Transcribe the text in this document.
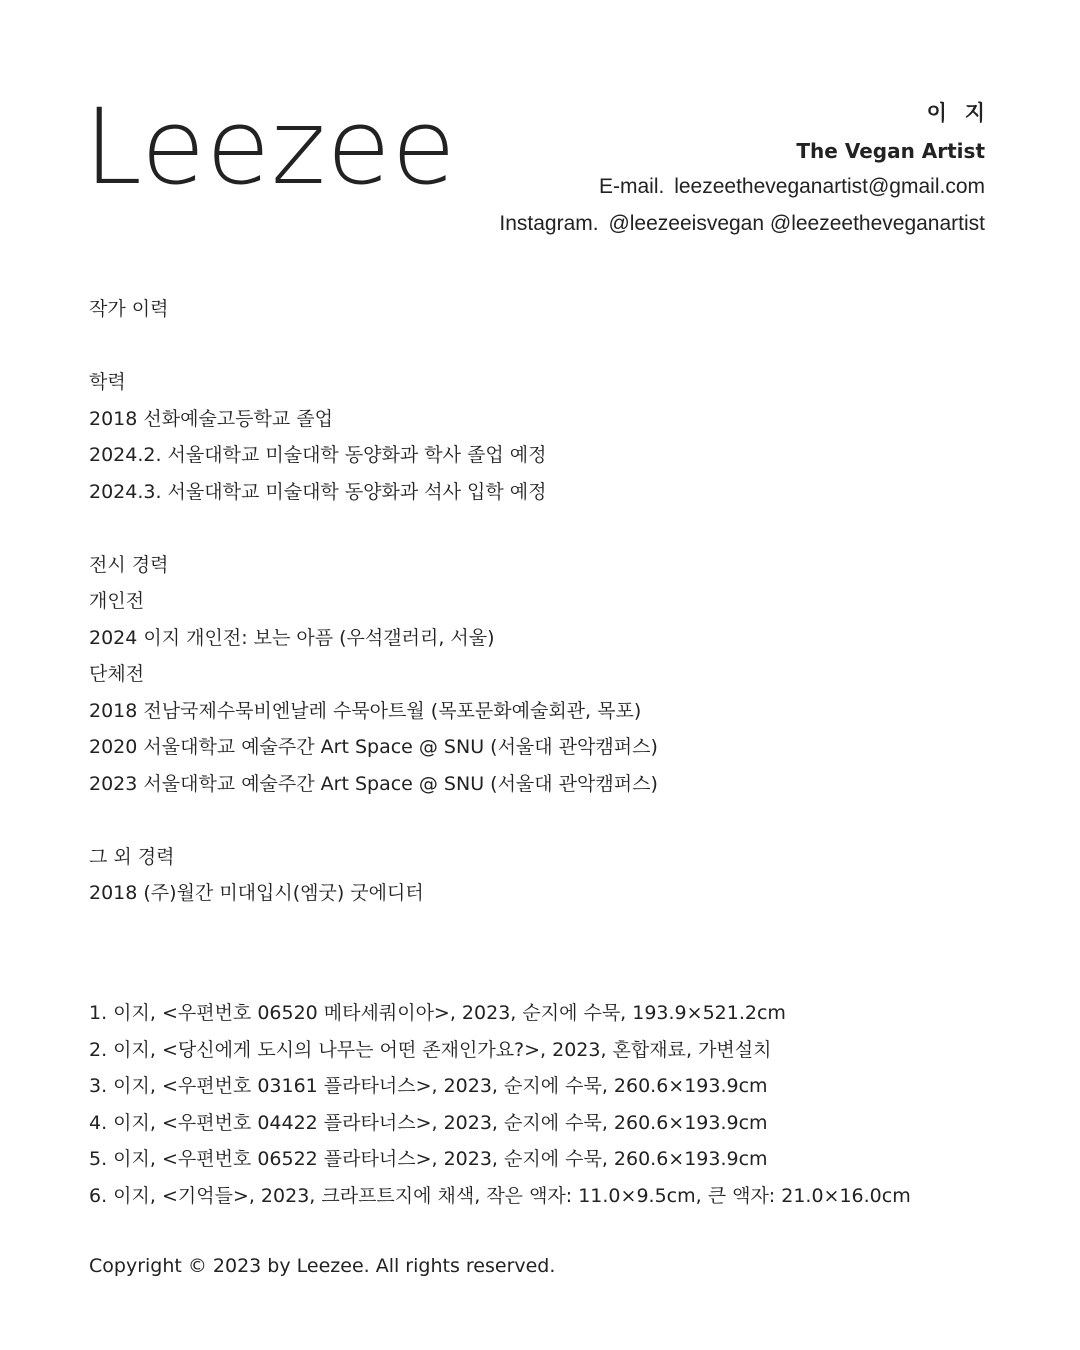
Leezee	이 지
The Vegan Artist
E-mail. leezeetheveganartist@gmail.com
Instagram. @leezeeisvegan @leezeetheveganartist
작가 이력
학력
2018 선화예술고등학교 졸업
2024.2. 서울대학교 미술대학 동양화과 학사 졸업 예정
2024.3. 서울대학교 미술대학 동양화과 석사 입학 예정
전시 경력
개인전
2024 이지 개인전: 보는 아픔 (우석갤러리, 서울)
단체전
2018 전남국제수묵비엔날레 수묵아트월 (목포문화예술회관, 목포)
2020 서울대학교 예술주간 Art Space @ SNU (서울대 관악캠퍼스)
2023 서울대학교 예술주간 Art Space @ SNU (서울대 관악캠퍼스)
그 외 경력
2018 (주)월간 미대입시(엠굿) 굿에디터
1. 이지, <우편번호 06520 메타세쿼이아>, 2023, 순지에 수묵, 193.9×521.2cm
2. 이지, <당신에게 도시의 나무는 어떤 존재인가요?>, 2023, 혼합재료, 가변설치
3. 이지, <우편번호 03161 플라타너스>, 2023, 순지에 수묵, 260.6×193.9cm
4. 이지, <우편번호 04422 플라타너스>, 2023, 순지에 수묵, 260.6×193.9cm
5. 이지, <우편번호 06522 플라타너스>, 2023, 순지에 수묵, 260.6×193.9cm
6. 이지, <기억들>, 2023, 크라프트지에 채색, 작은 액자: 11.0×9.5cm, 큰 액자: 21.0×16.0cm
Copyright © 2023 by Leezee. All rights reserved.
